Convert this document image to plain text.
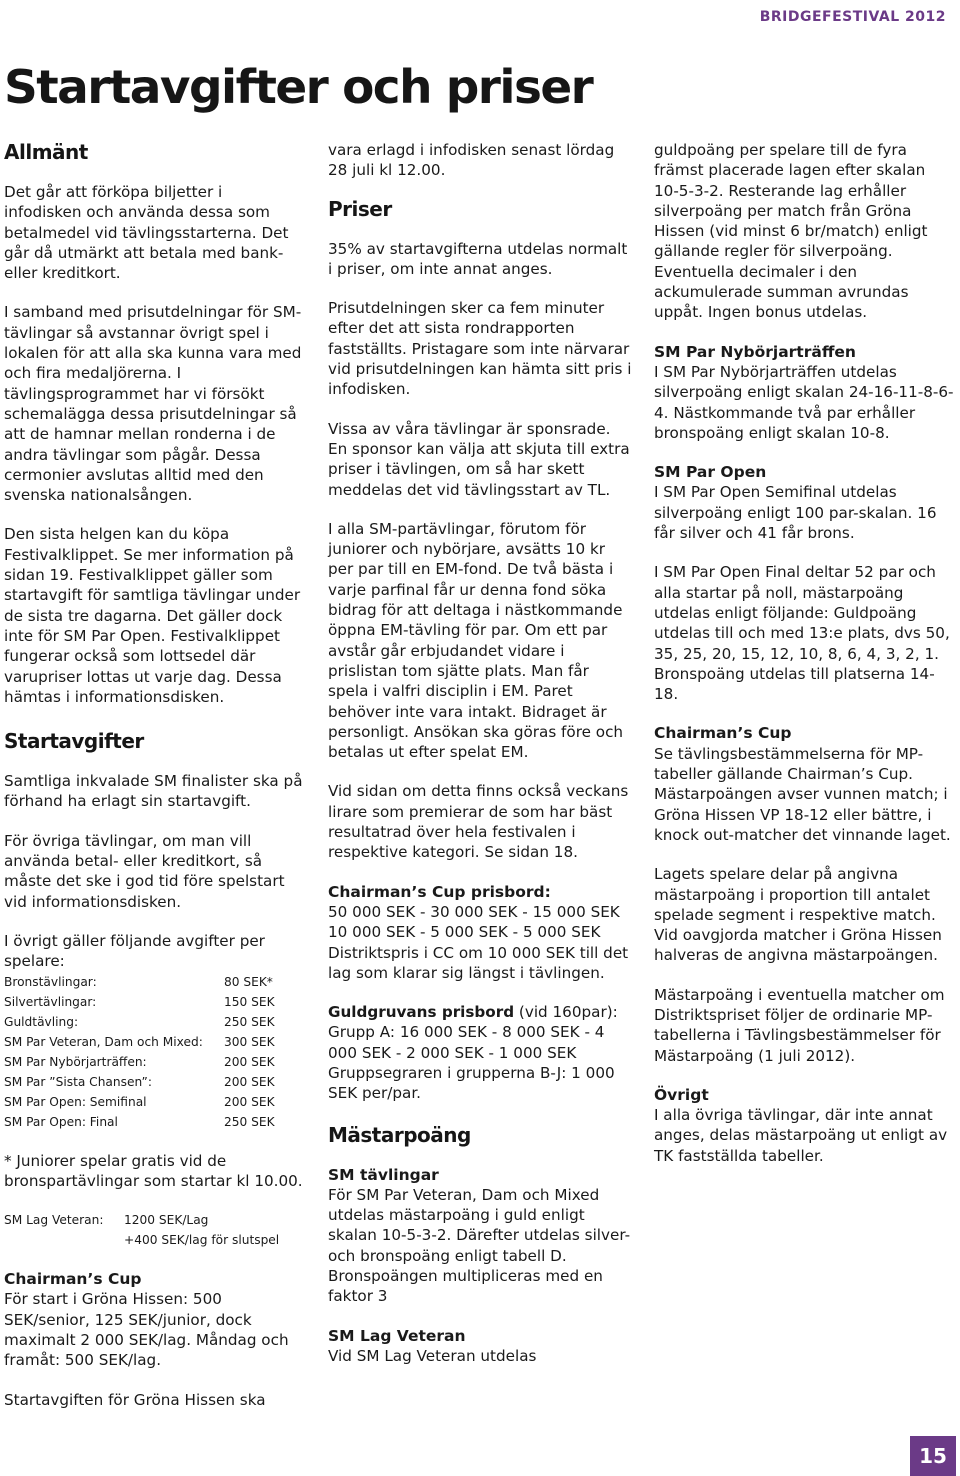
BRIDGEFESTIVAL 2012
Startavgifter och priser
Allmänt

Det går att förköpa biljetter i infodisken och använda dessa som betalmedel vid tävlingsstarterna. Det går då utmärkt att betala med bank- eller kreditkort.

I samband med prisutdelningar för SM-tävlingar så avstannar övrigt spel i lokalen för att alla ska kunna vara med och fira medaljörerna. I tävlingsprogrammet har vi försökt schemalägga dessa prisutdelningar så att de hamnar mellan ronderna i de andra tävlingar som pågår. Dessa cermonier avslutas alltid med den svenska nationalsången.

Den sista helgen kan du köpa Festivalklippet. Se mer information på sidan 19. Festivalklippet gäller som startavgift för samtliga tävlingar under de sista tre dagarna. Det gäller dock inte för SM Par Open. Festivalklippet fungerar också som lottsedel där varupriser lottas ut varje dag. Dessa hämtas i informationsdisken.

Startavgifter

Samtliga inkvalade SM finalister ska på förhand ha erlagt sin startavgift.

För övriga tävlingar, om man vill använda betal- eller kreditkort, så måste det ske i god tid före spelstart vid informationsdisken.

I övrigt gäller följande avgifter per spelare:

Bronstävlingar:	80 SEK*
Silvertävlingar:	150 SEK
Guldtävling:	250 SEK
SM Par Veteran, Dam och Mixed:	300 SEK
SM Par Nybörjarträffen:	200 SEK
SM Par ”Sista Chansen”:	200 SEK
SM Par Open: Semifinal	200 SEK
SM Par Open: Final	250 SEK

* Juniorer spelar gratis vid de bronspartävlingar som startar kl 10.00.

SM Lag Veteran:	1200 SEK/Lag
+400 SEK/lag för slutspel
Chairman’s Cup

För start i Gröna Hissen: 500 SEK/senior, 125 SEK/junior, dock maximalt 2 000 SEK/lag. Måndag och framåt: 500 SEK/lag.

Startavgiften för Gröna Hissen ska

vara erlagd i infodisken senast lördag 28 juli kl 12.00.

Priser

35% av startavgifterna utdelas normalt i priser, om inte annat anges.

Prisutdelningen sker ca fem minuter efter det att sista rondrapporten fastställts. Pristagare som inte närvarar vid prisutdelningen kan hämta sitt pris i infodisken.

Vissa av våra tävlingar är sponsrade. En sponsor kan välja att skjuta till extra priser i tävlingen, om så har skett meddelas det vid tävlingsstart av TL.

I alla SM-partävlingar, förutom för juniorer och nybörjare, avsätts 10 kr per par till en EM-fond. De två bästa i varje parfinal får ur denna fond söka bidrag för att deltaga i nästkommande öppna EM-tävling för par. Om ett par avstår går erbjudandet vidare i prislistan tom sjätte plats. Man får spela i valfri disciplin i EM. Paret behöver inte vara intakt. Bidraget är personligt. Ansökan ska göras före och betalas ut efter spelat EM.

Vid sidan om detta finns också veckans lirare som premierar de som har bäst resultatrad över hela festivalen i respektive kategori. Se sidan 18.

Chairman’s Cup prisbord:

50 000 SEK - 30 000 SEK - 15 000 SEK 10 000 SEK - 5 000 SEK - 5 000 SEK Distriktspris i CC om 10 000 SEK till det lag som klarar sig längst i tävlingen.

Guldgruvans prisbord (vid 160par):

Grupp A: 16 000 SEK - 8 000 SEK - 4 000 SEK - 2 000 SEK - 1 000 SEK Gruppsegraren i grupperna B-J: 1 000 SEK per/par.

Mästarpoäng
SM tävlingar

För SM Par Veteran, Dam och Mixed utdelas mästarpoäng i guld enligt skalan 10-5-3-2. Därefter utdelas silver- och bronspoäng enligt tabell D. Bronspoängen multipliceras med en faktor 3

SM Lag Veteran

Vid SM Lag Veteran utdelas

guldpoäng per spelare till de fyra främst placerade lagen efter skalan 10-5-3-2. Resterande lag erhåller silverpoäng per match från Gröna Hissen (vid minst 6 br/match) enligt gällande regler för silverpoäng. Eventuella decimaler i den ackumulerade summan avrundas uppåt. Ingen bonus utdelas.

SM Par Nybörjarträffen

I SM Par Nybörjarträffen utdelas silverpoäng enligt skalan 24-16-11-8-6-4. Nästkommande två par erhåller bronspoäng enligt skalan 10-8.

SM Par Open

I SM Par Open Semifinal utdelas silverpoäng enligt 100 par-skalan. 16 får silver och 41 får brons.

I SM Par Open Final deltar 52 par och alla startar på noll, mästarpoäng utdelas enligt följande: Guldpoäng utdelas till och med 13:e plats, dvs 50, 35, 25, 20, 15, 12, 10, 8, 6, 4, 3, 2, 1. Bronspoäng utdelas till platserna 14-18.

Chairman’s Cup

Se tävlingsbestämmelserna för MP-tabeller gällande Chairman’s Cup. Mästarpoängen avser vunnen match; i Gröna Hissen VP 18-12 eller bättre, i knock out-matcher det vinnande laget.

Lagets spelare delar på angivna mästarpoäng i proportion till antalet spelade segment i respektive match. Vid oavgjorda matcher i Gröna Hissen halveras de angivna mästarpoängen.

Mästarpoäng i eventuella matcher om Distriktspriset följer de ordinarie MP-tabellerna i Tävlingsbestämmelser för Mästarpoäng (1 juli 2012).

Övrigt

I alla övriga tävlingar, där inte annat anges, delas mästarpoäng ut enligt av TK fastställda tabeller.

15
